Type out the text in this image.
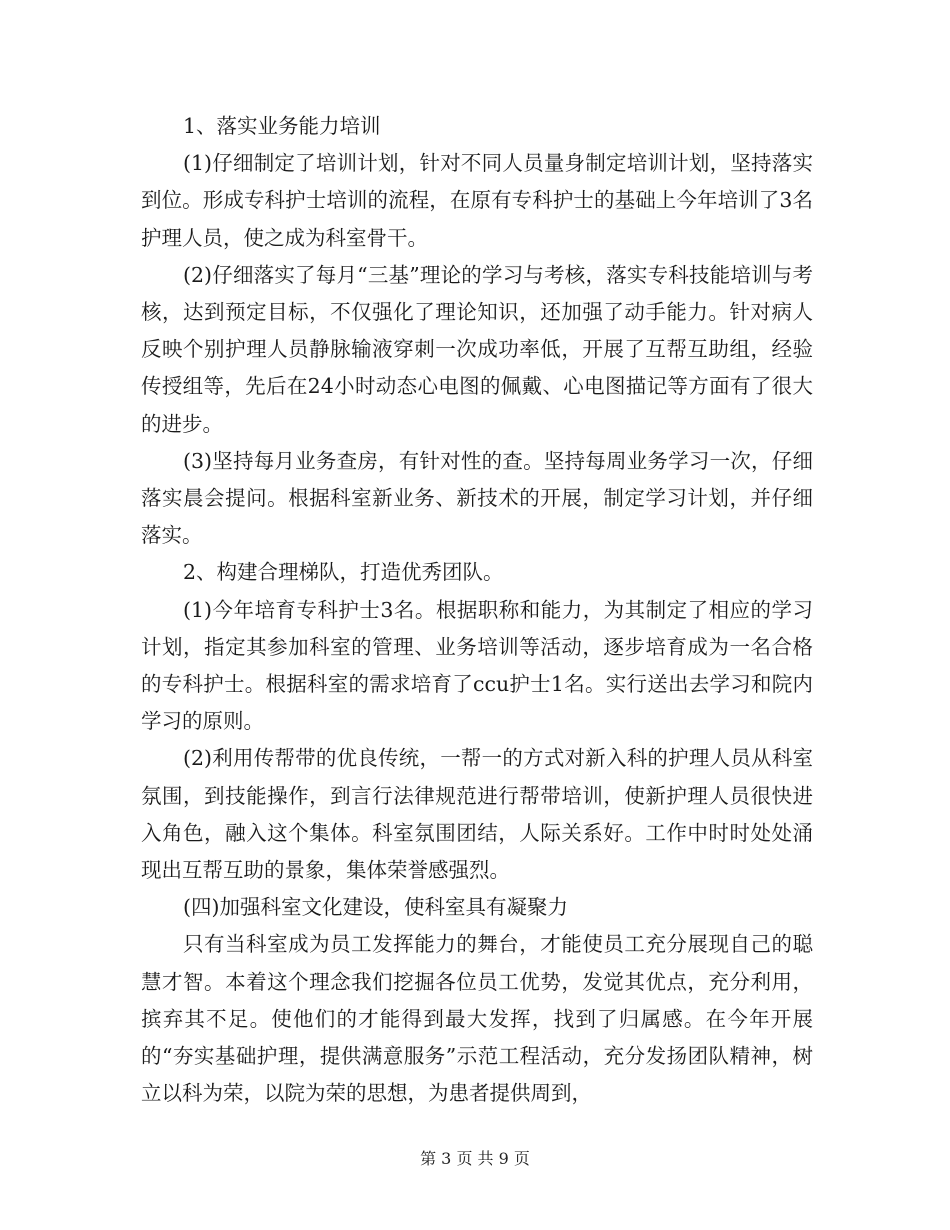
1、落实业务能力培训

(1)仔细制定了培训计划，针对不同人员量身制定培训计划，坚持落实到位。形成专科护士培训的流程，在原有专科护士的基础上今年培训了3名护理人员，使之成为科室骨干。

(2)仔细落实了每月“三基”理论的学习与考核，落实专科技能培训与考核，达到预定目标，不仅强化了理论知识，还加强了动手能力。针对病人反映个别护理人员静脉输液穿刺一次成功率低，开展了互帮互助组，经验传授组等，先后在24小时动态心电图的佩戴、心电图描记等方面有了很大的进步。

(3)坚持每月业务查房，有针对性的查。坚持每周业务学习一次，仔细落实晨会提问。根据科室新业务、新技术的开展，制定学习计划，并仔细落实。

2、构建合理梯队，打造优秀团队。

(1)今年培育专科护士3名。根据职称和能力，为其制定了相应的学习计划，指定其参加科室的管理、业务培训等活动，逐步培育成为一名合格的专科护士。根据科室的需求培育了ccu护士1名。实行送出去学习和院内学习的原则。

(2)利用传帮带的优良传统，一帮一的方式对新入科的护理人员从科室氛围，到技能操作，到言行法律规范进行帮带培训，使新护理人员很快进入角色，融入这个集体。科室氛围团结，人际关系好。工作中时时处处涌现出互帮互助的景象，集体荣誉感强烈。

(四)加强科室文化建设，使科室具有凝聚力

只有当科室成为员工发挥能力的舞台，才能使员工充分展现自己的聪慧才智。本着这个理念我们挖掘各位员工优势，发觉其优点，充分利用，摈弃其不足。使他们的才能得到最大发挥，找到了归属感。在今年开展的“夯实基础护理，提供满意服务”示范工程活动，充分发扬团队精神，树立以科为荣，以院为荣的思想，为患者提供周到，

第 3 页 共 9 页
